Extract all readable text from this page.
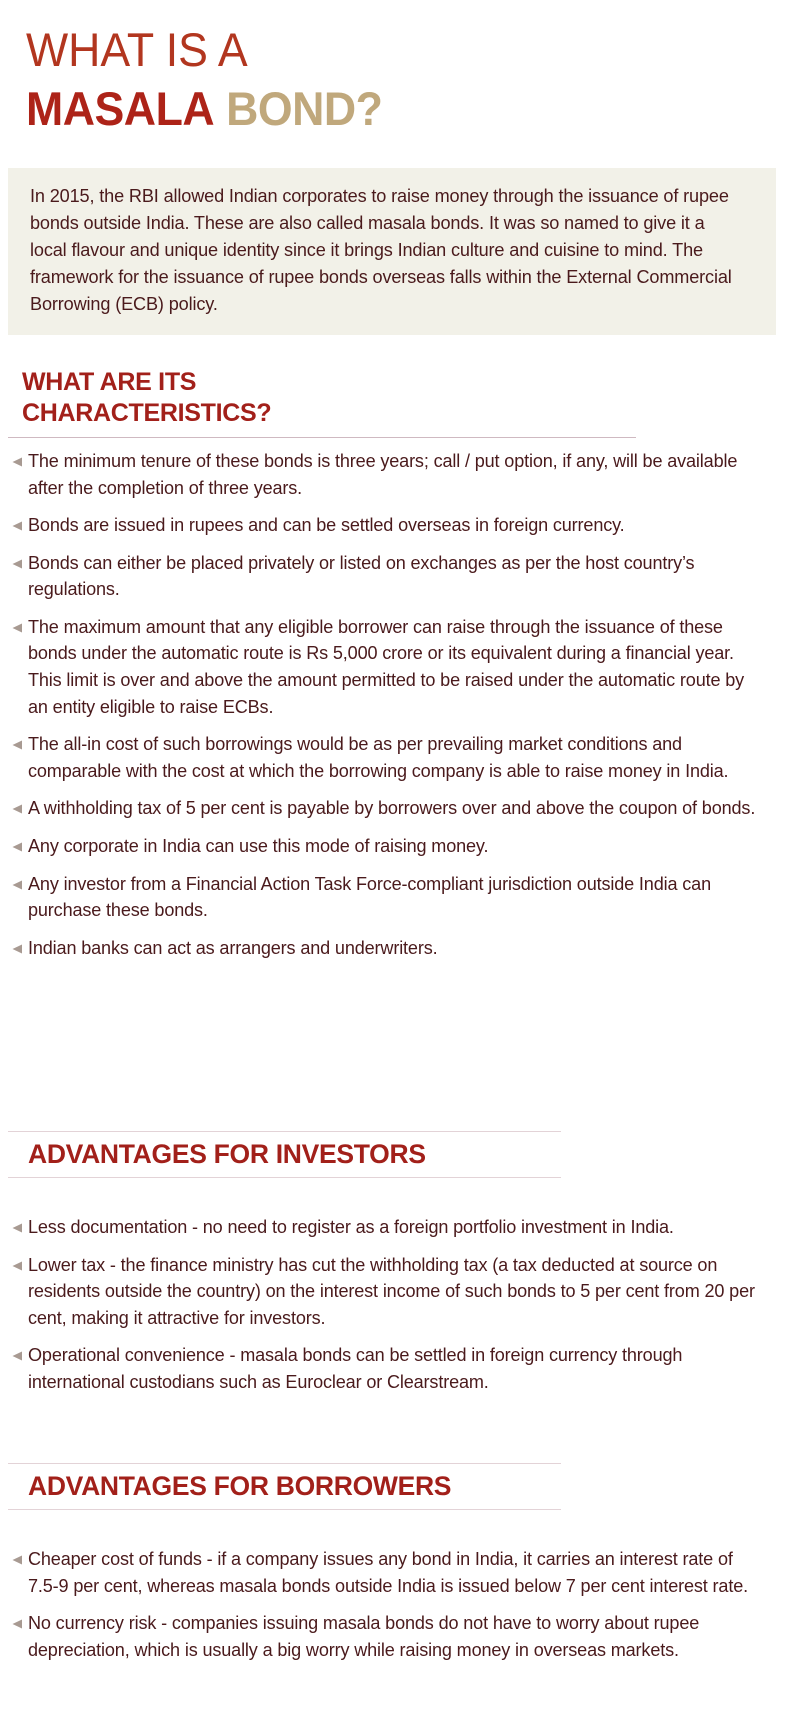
WHAT IS A
MASALA BOND?
In 2015, the RBI allowed Indian corporates to raise money through the issuance of rupee bonds outside India. These are also called masala bonds. It was so named to give it a local flavour and unique identity since it brings Indian culture and cuisine to mind. The framework for the issuance of rupee bonds overseas falls within the External Commercial Borrowing (ECB) policy.
WHAT ARE ITS
CHARACTERISTICS?
The minimum tenure of these bonds is three years; call / put option, if any, will be available after the completion of three years.
Bonds are issued in rupees and can be settled overseas in foreign currency.
Bonds can either be placed privately or listed on exchanges as per the host country’s regulations.
The maximum amount that any eligible borrower can raise through the issuance of these bonds under the automatic route is Rs 5,000 crore or its equivalent during a financial year. This limit is over and above the amount permitted to be raised under the automatic route by an entity eligible to raise ECBs.
The all-in cost of such borrowings would be as per prevailing market conditions and comparable with the cost at which the borrowing company is able to raise money in India.
A withholding tax of 5 per cent is payable by borrowers over and above the coupon of bonds.
Any corporate in India can use this mode of raising money.
Any investor from a Financial Action Task Force-compliant jurisdiction outside India can purchase these bonds.
Indian banks can act as arrangers and underwriters.
ADVANTAGES FOR INVESTORS
Less documentation - no need to register as a foreign portfolio investment in India.
Lower tax - the finance ministry has cut the withholding tax (a tax deducted at source on residents outside the country) on the interest income of such bonds to 5 per cent from 20 per cent, making it attractive for investors.
Operational convenience - masala bonds can be settled in foreign currency through international custodians such as Euroclear or Clearstream.
ADVANTAGES FOR BORROWERS
Cheaper cost of funds - if a company issues any bond in India, it carries an interest rate of 7.5-9 per cent, whereas masala bonds outside India is issued below 7 per cent interest rate.
No currency risk - companies issuing masala bonds do not have to worry about rupee depreciation, which is usually a big worry while raising money in overseas markets.
